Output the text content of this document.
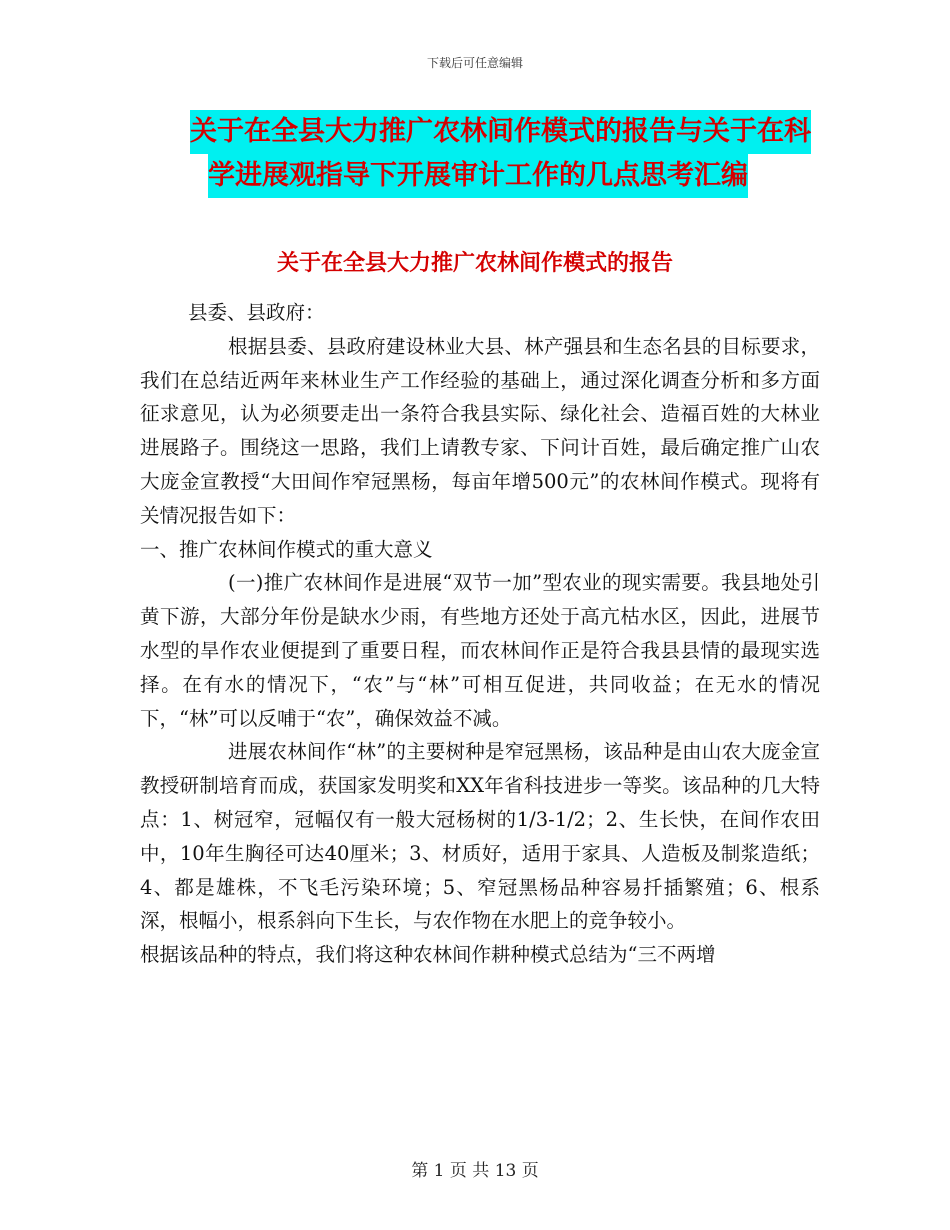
下载后可任意编辑
关于在全县大力推广农林间作模式的报告与关于在科
学进展观指导下开展审计工作的几点思考汇编
关于在全县大力推广农林间作模式的报告

县委、县政府：

根据县委、县政府建设林业大县、林产强县和生态名县的目标要求，我们在总结近两年来林业生产工作经验的基础上，通过深化调查分析和多方面征求意见，认为必须要走出一条符合我县实际、绿化社会、造福百姓的大林业进展路子。围绕这一思路，我们上请教专家、下问计百姓，最后确定推广山农大庞金宣教授“大田间作窄冠黑杨，每亩年增500元”的农林间作模式。现将有关情况报告如下：

一、推广农林间作模式的重大意义

(一)推广农林间作是进展“双节一加”型农业的现实需要。我县地处引黄下游，大部分年份是缺水少雨，有些地方还处于高亢枯水区，因此，进展节水型的旱作农业便提到了重要日程，而农林间作正是符合我县县情的最现实选择。在有水的情况下，“农”与“林”可相互促进，共同收益；在无水的情况下，“林”可以反哺于“农”，确保效益不减。

进展农林间作“林”的主要树种是窄冠黑杨，该品种是由山农大庞金宣教授研制培育而成，获国家发明奖和XX年省科技进步一等奖。该品种的几大特点：1、树冠窄，冠幅仅有一般大冠杨树的1/3-1/2；2、生长快，在间作农田中，10年生胸径可达40厘米；3、材质好，适用于家具、人造板及制浆造纸；4、都是雄株，不飞毛污染环境；5、窄冠黑杨品种容易扦插繁殖；6、根系深，根幅小，根系斜向下生长，与农作物在水肥上的竞争较小。

根据该品种的特点，我们将这种农林间作耕种模式总结为“三不两增

第 1 页 共 13 页
